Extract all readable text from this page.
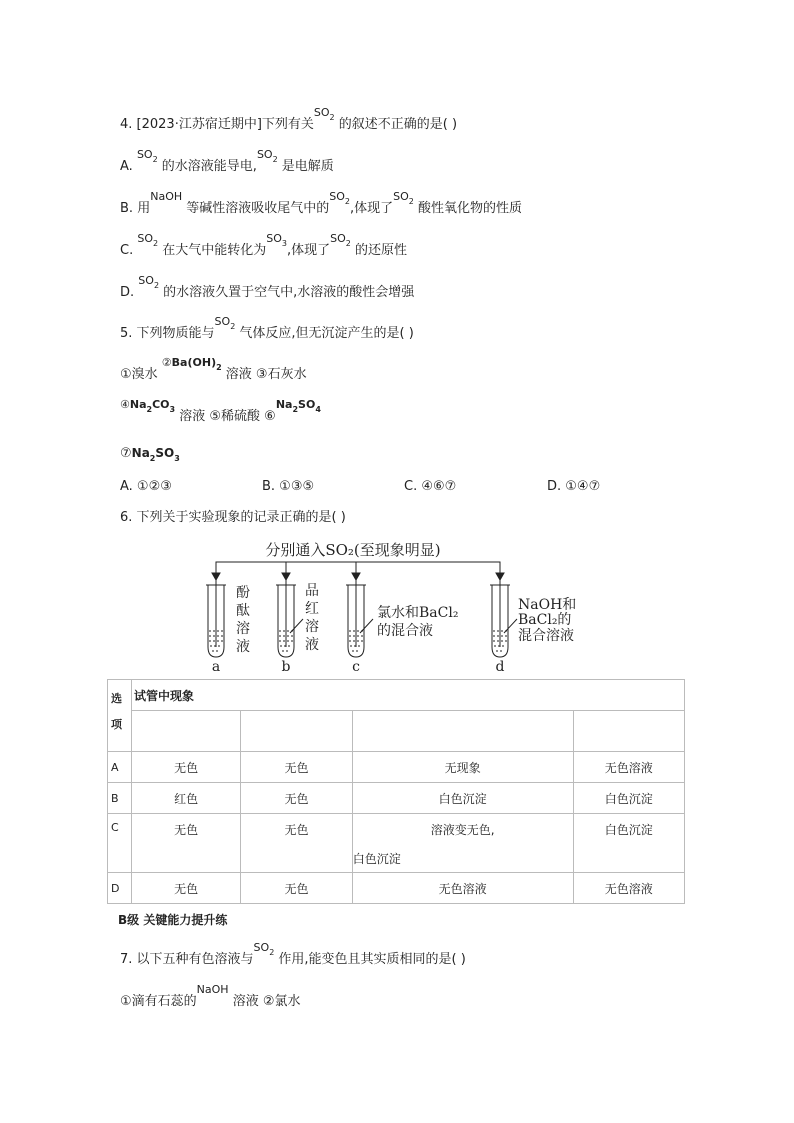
4. [2023·江苏宿迁期中]下列有关$^{SO_2}$ 的叙述不正确的是( )
A. $^{SO_2}$ 的水溶液能导电,$^{SO_2}$ 是电解质
B. 用$^{NaOH}$ 等碱性溶液吸收尾气中的$^{SO_2}$,体现了$^{SO_2}$ 酸性氧化物的性质
C. $^{SO_2}$ 在大气中能转化为$^{SO_3}$,体现了$^{SO_2}$ 的还原性
D. $^{SO_2}$ 的水溶液久置于空气中,水溶液的酸性会增强
5. 下列物质能与$^{SO_2}$ 气体反应,但无沉淀产生的是( )
①溴水 $^{②Ba(OH)_2}$ 溶液 ③石灰水
$^{④Na_2CO_3}$ 溶液 ⑤稀硫酸 ⑥$^{Na_2SO_4}$
$⑦Na_2SO_3$
A. ①②③	B. ①③⑤	C. ④⑥⑦	D. ①④⑦
6. 下列关于实验现象的记录正确的是( )
分别通入SO₂(至现象明显)
酚
酞
溶
液
品
红
溶
液
氯水和BaCl₂
的混合液
NaOH和
BaCl₂的
混合溶液
a	b	c	d
选
项	试管中现象			

A	无色	无色	无现象	无色溶液
B	红色	无色	白色沉淀	白色沉淀
C	无色	无色	溶液变无色,
白色沉淀	白色沉淀
D	无色	无色	无色溶液	无色溶液
B级 关键能力提升练
7. 以下五种有色溶液与$^{SO_2}$ 作用,能变色且其实质相同的是( )
①滴有石蕊的$^{NaOH}$ 溶液 ②氯水
